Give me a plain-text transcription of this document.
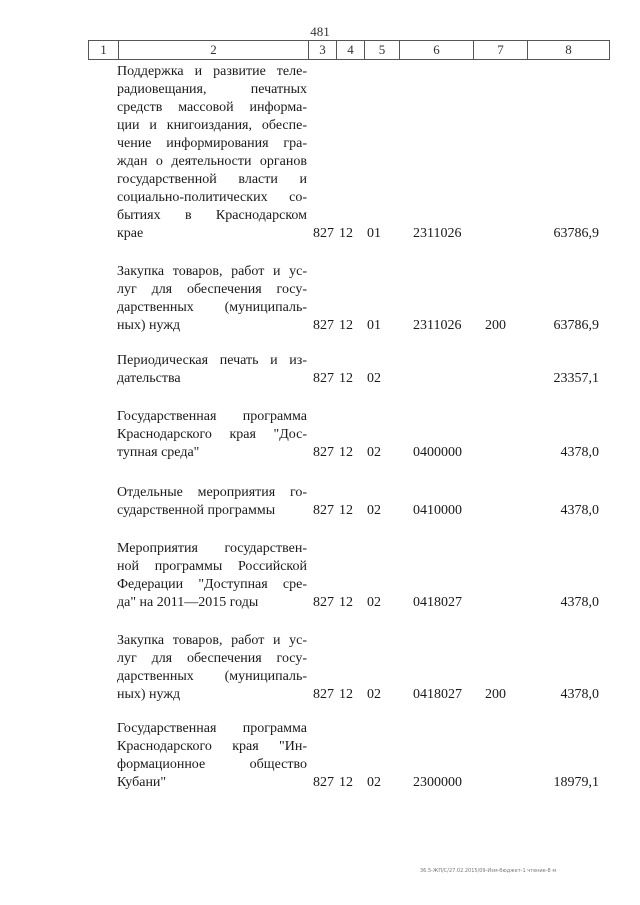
481
1	2	3	4	5	6	7	8
Поддержка и развитие теле-
радиовещания, печатных
средств массовой информа-
ции и книгоиздания, обеспе-
чение информирования гра-
ждан о деятельности органов
государственной власти и
социально-политических со-
бытиях в Краснодарском
крае	827 12 01 2311026	63786,9
Закупка товаров, работ и ус-
луг для обеспечения госу-
дарственных (муниципаль-
ных) нужд	827 12 01 2311026 200	63786,9
Периодическая печать и из-
дательства	827 12 02	23357,1
Государственная программа
Краснодарского края "Дос-
тупная среда"	827 12 02 0400000	4378,0
Отдельные мероприятия го-
сударственной программы	827 12 02 0410000	4378,0
Мероприятия государствен-
ной программы Российской
Федерации "Доступная сре-
да" на 2011—2015 годы	827 12 02 0418027	4378,0
Закупка товаров, работ и ус-
луг для обеспечения госу-
дарственных (муниципаль-
ных) нужд	827 12 02 0418027 200	4378,0
Государственная программа
Краснодарского края "Ин-
формационное общество
Кубани"	827 12 02 2300000	18979,1
36.5-ЖП/С/27.02.2015/09-Изм-бюджет-1 чтение-8 м
